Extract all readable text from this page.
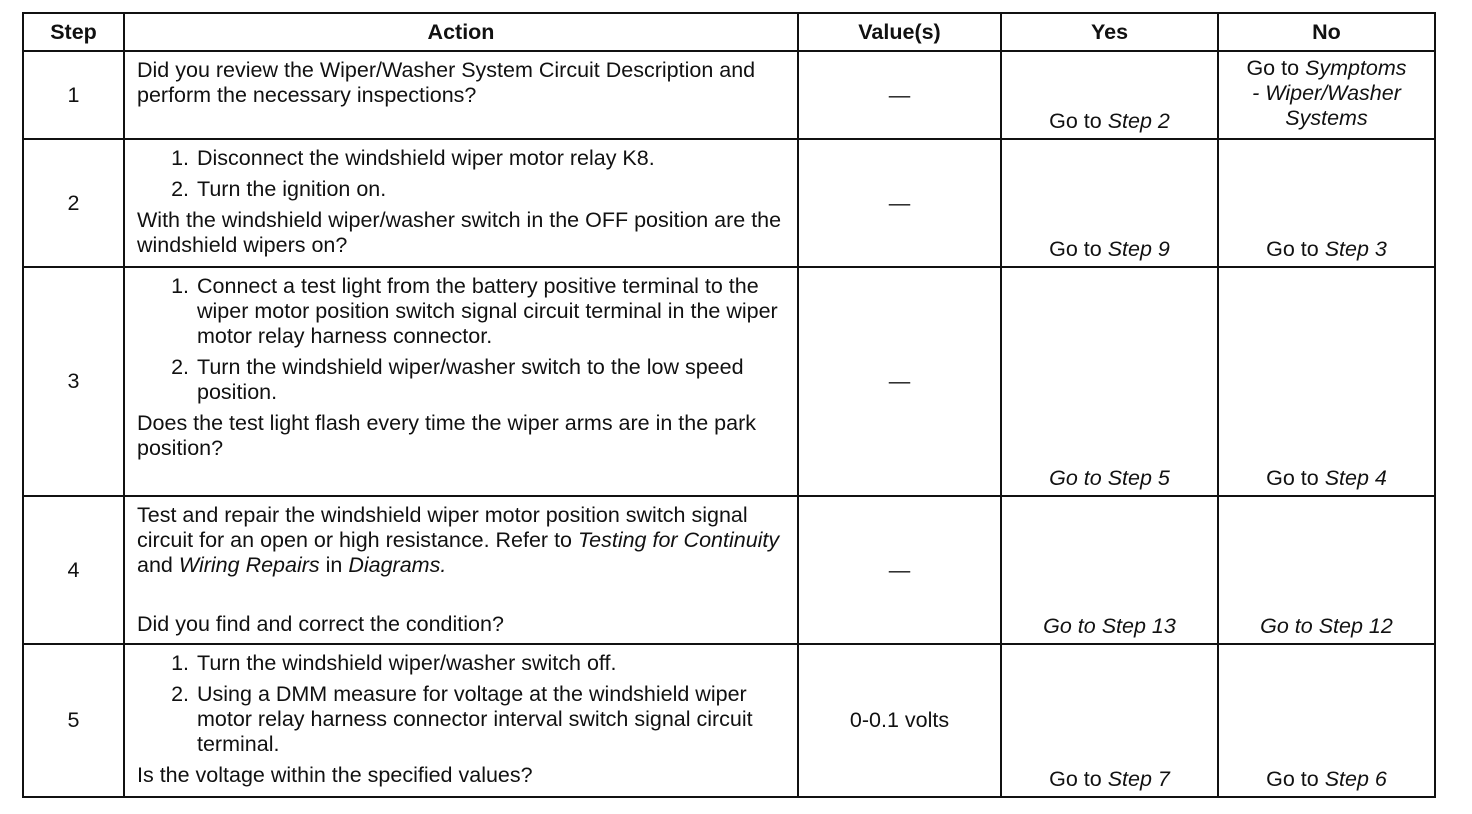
Step	Action	Value(s)	Yes	No
1	Did you review the Wiper/Washer System Circuit Description and perform the necessary inspections?	—	Go to Step 2	Go to Symptoms
- Wiper/Washer
Systems

2	1. Disconnect the windshield wiper motor relay K8.
2. Turn the ignition on.
With the windshield wiper/washer switch in the OFF position are the windshield wipers on?	—	Go to Step 9	Go to Step 3
3	1. Connect a test light from the battery positive terminal to the wiper motor position switch signal circuit terminal in the wiper motor relay harness connector.
2. Turn the windshield wiper/washer switch to the low speed position.
Does the test light flash every time the wiper arms are in the park position?	—	Go to Step 5	Go to Step 4
4	Test and repair the windshield wiper motor position switch signal circuit for an open or high resistance. Refer to Testing for Continuity and Wiring Repairs in Diagrams.
Did you find and correct the condition?	—	Go to Step 13	Go to Step 12
5	1. Turn the windshield wiper/washer switch off.
2. Using a DMM measure for voltage at the windshield wiper motor relay harness connector interval switch signal circuit terminal.
Is the voltage within the specified values?	0-0.1 volts	Go to Step 7	Go to Step 6
